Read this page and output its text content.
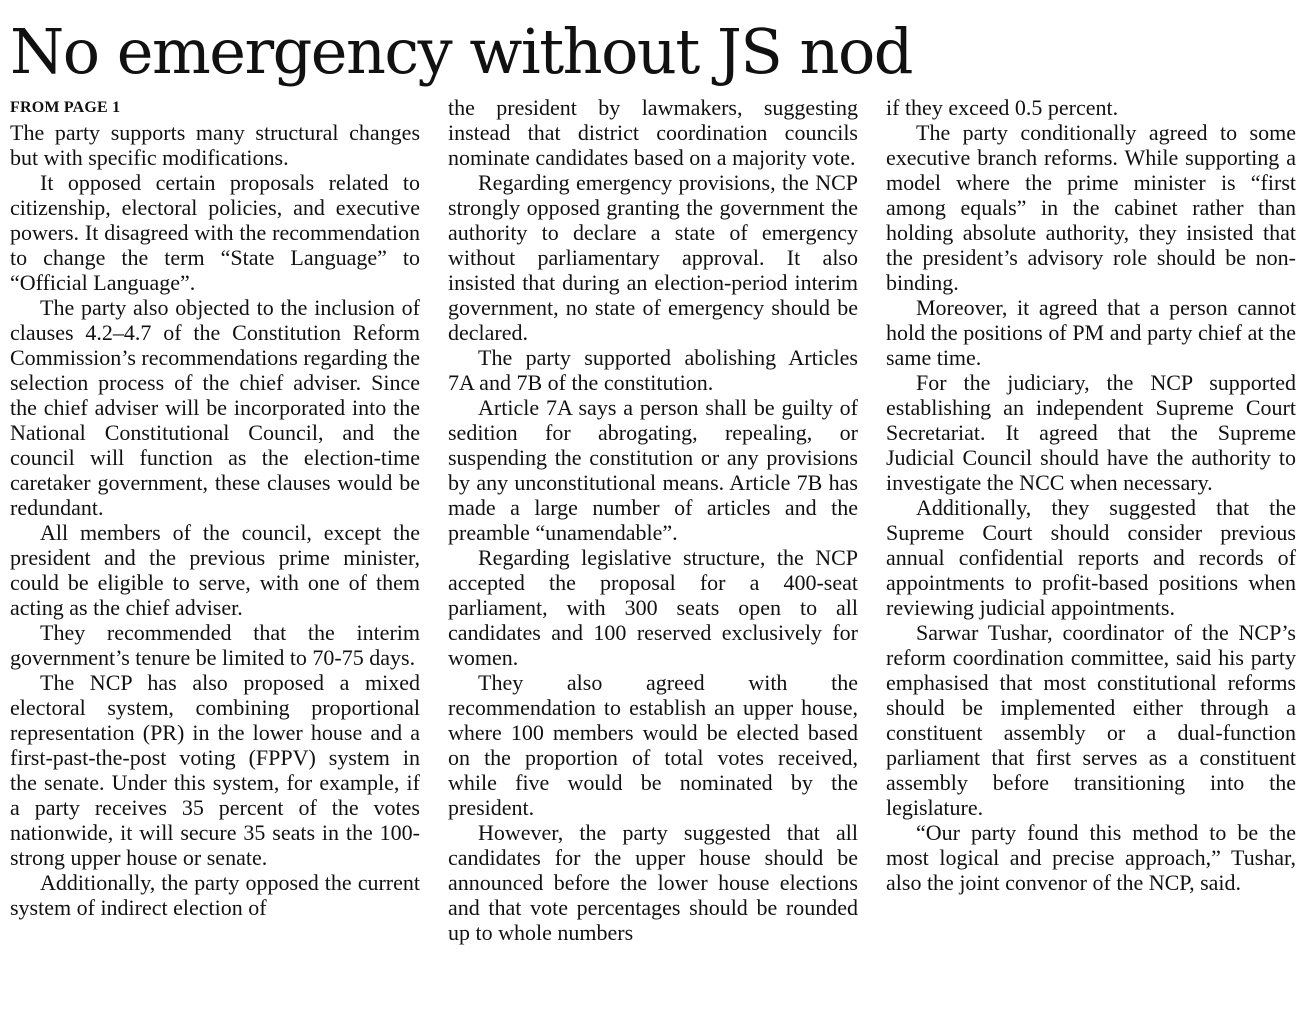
No emergency without JS nod
FROM PAGE 1

The party supports many structural changes but with specific modifications.

It opposed certain proposals related to citizenship, electoral policies, and executive powers. It disagreed with the recommendation to change the term “State Language” to “Official Language”.

The party also objected to the inclusion of clauses 4.2–4.7 of the Constitution Reform Commission’s recommendations regarding the selection process of the chief adviser. Since the chief adviser will be incorporated into the National Constitutional Council, and the council will function as the election-time caretaker government, these clauses would be redundant.

All members of the council, except the president and the previous prime minister, could be eligible to serve, with one of them acting as the chief adviser.

They recommended that the interim government’s tenure be limited to 70-75 days.

The NCP has also proposed a mixed electoral system, combining proportional representation (PR) in the lower house and a first-past-the-post voting (FPPV) system in the senate. Under this system, for example, if a party receives 35 percent of the votes nationwide, it will secure 35 seats in the 100-strong upper house or senate.

Additionally, the party opposed the current system of indirect election of

the president by lawmakers, suggesting instead that district coordination councils nominate candidates based on a majority vote.

Regarding emergency provisions, the NCP strongly opposed granting the government the authority to declare a state of emergency without parliamentary approval. It also insisted that during an election-period interim government, no state of emergency should be declared.

The party supported abolishing Articles 7A and 7B of the constitution.

Article 7A says a person shall be guilty of sedition for abrogating, repealing, or suspending the constitution or any provisions by any unconstitutional means. Article 7B has made a large number of articles and the preamble “unamendable”.

Regarding legislative structure, the NCP accepted the proposal for a 400-seat parliament, with 300 seats open to all candidates and 100 reserved exclusively for women.

They also agreed with the recommendation to establish an upper house, where 100 members would be elected based on the proportion of total votes received, while five would be nominated by the president.

However, the party suggested that all candidates for the upper house should be announced before the lower house elections and that vote percentages should be rounded up to whole numbers

if they exceed 0.5 percent.

The party conditionally agreed to some executive branch reforms. While supporting a model where the prime minister is “first among equals” in the cabinet rather than holding absolute authority, they insisted that the president’s advisory role should be non-binding.

Moreover, it agreed that a person cannot hold the positions of PM and party chief at the same time.

For the judiciary, the NCP supported establishing an independent Supreme Court Secretariat. It agreed that the Supreme Judicial Council should have the authority to investigate the NCC when necessary.

Additionally, they suggested that the Supreme Court should consider previous annual confidential reports and records of appointments to profit-based positions when reviewing judicial appointments.

Sarwar Tushar, coordinator of the NCP’s reform coordination committee, said his party emphasised that most constitutional reforms should be implemented either through a constituent assembly or a dual-function parliament that first serves as a constituent assembly before transitioning into the legislature.

“Our party found this method to be the most logical and precise approach,” Tushar, also the joint convenor of the NCP, said.
